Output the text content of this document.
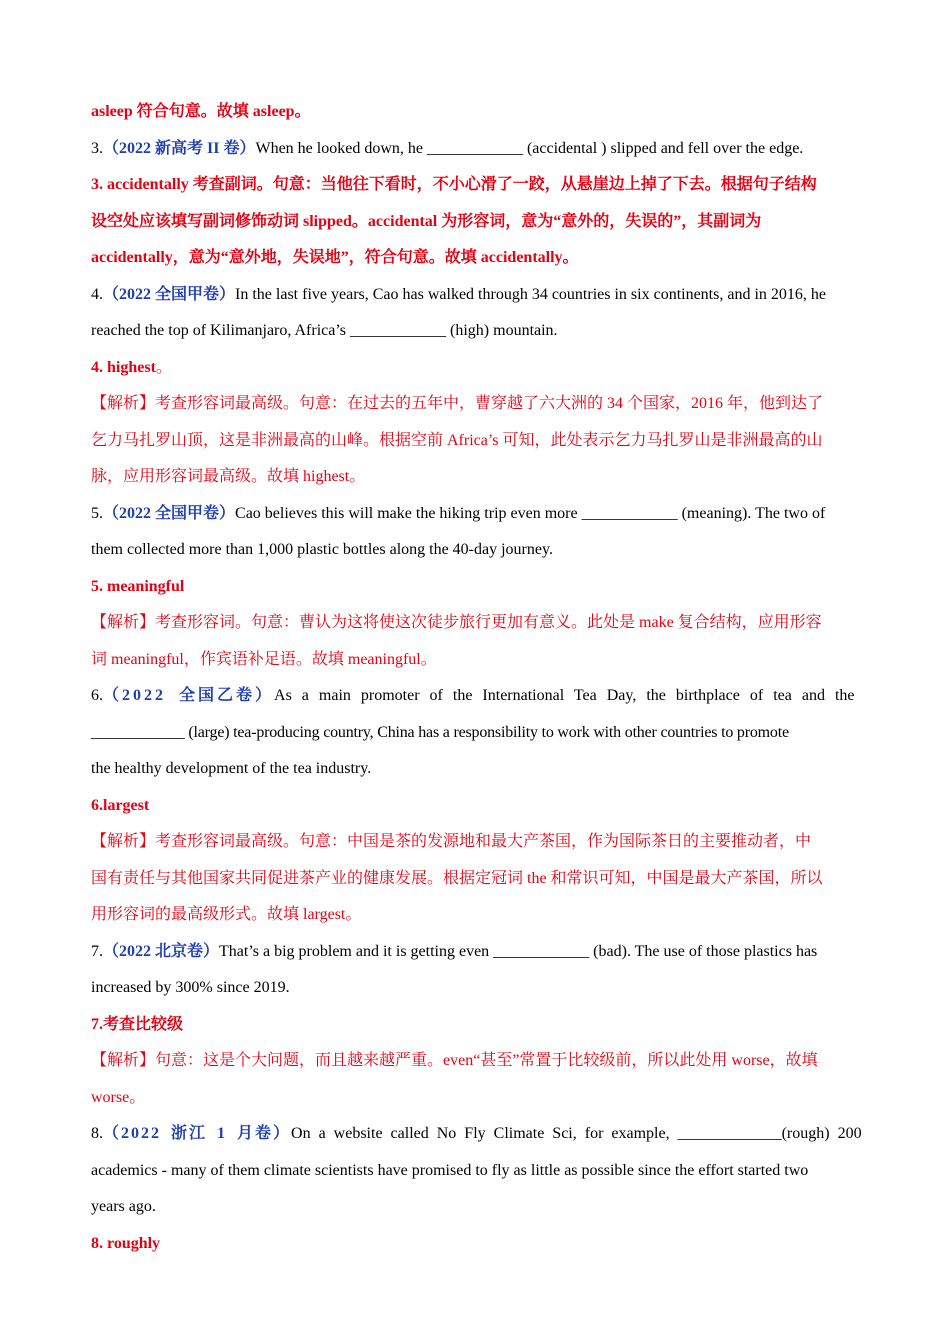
asleep 符合句意。故填 asleep。

3.（2022 新高考 II 卷）When he looked down, he ____________ (accidental ) slipped and fell over the edge.

3. accidentally 考查副词。句意：当他往下看时，不小心滑了一跤，从悬崖边上掉了下去。根据句子结构

设空处应该填写副词修饰动词 slipped。accidental 为形容词，意为“意外的，失误的”，其副词为

accidentally，意为“意外地，失误地”，符合句意。故填 accidentally。

4.（2022 全国甲卷）In the last five years, Cao has walked through 34 countries in six continents, and in 2016, he

reached the top of Kilimanjaro, Africa’s ____________ (high) mountain.

4. highest。

【解析】考查形容词最高级。句意：在过去的五年中，曹穿越了六大洲的 34 个国家，2016 年，他到达了

乞力马扎罗山顶，这是非洲最高的山峰。根据空前 Africa’s 可知，此处表示乞力马扎罗山是非洲最高的山

脉，应用形容词最高级。故填 highest。

5.（2022 全国甲卷）Cao believes this will make the hiking trip even more ____________ (meaning). The two of

them collected more than 1,000 plastic bottles along the 40-day journey.

5. meaningful

【解析】考查形容词。句意：曹认为这将使这次徒步旅行更加有意义。此处是 make 复合结构，应用形容

词 meaningful，作宾语补足语。故填 meaningful。

6.（2022 全国乙卷）As a main promoter of the International Tea Day, the birthplace of tea and the

____________ (large) tea-producing country, China has a responsibility to work with other countries to promote

the healthy development of the tea industry.

6.largest

【解析】考查形容词最高级。句意：中国是茶的发源地和最大产茶国，作为国际茶日的主要推动者，中

国有责任与其他国家共同促进茶产业的健康发展。根据定冠词 the 和常识可知，中国是最大产茶国，所以

用形容词的最高级形式。故填 largest。

7.（2022 北京卷）That’s a big problem and it is getting even ____________ (bad). The use of those plastics has

increased by 300% since 2019.

7.考查比较级

【解析】句意：这是个大问题，而且越来越严重。even“甚至”常置于比较级前，所以此处用 worse，故填

worse。

8.（2022 浙江 1 月卷）On a website called No Fly Climate Sci, for example, _____________(rough) 200

academics - many of them climate scientists have promised to fly as little as possible since the effort started two

years ago.

8. roughly
